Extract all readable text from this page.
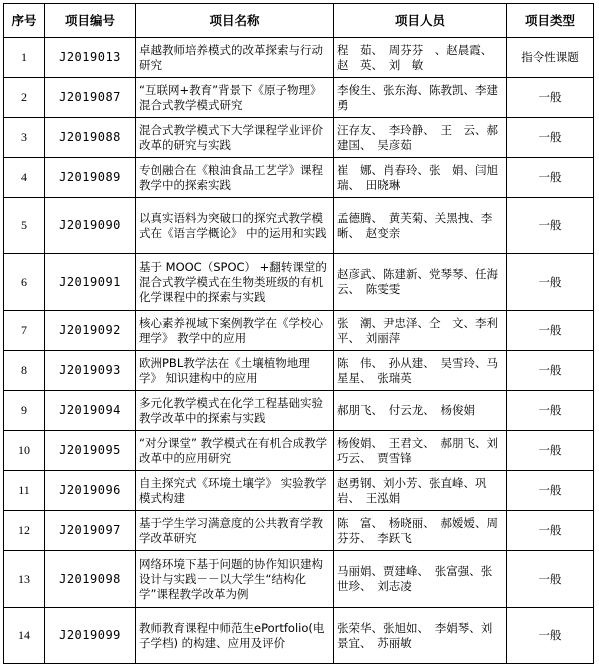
序号	项目编号	项目名称	项目人员	项目类型
1	J2019013	卓越教师培养模式的改革探索与行动研究	程　茹、　周芬芬　、赵晨霞、赵　英、　刘　敏	指令性课题
2	J2019087	“互联网+教育”背景下《原子物理》 混合式教学模式研究	李俊生、张东海、陈教凯、李建勇	一般
3	J2019088	混合式教学模式下大学课程学业评价改革的研究与实践	汪存友、　李玲静、　王　云、郝建国、　吴彦茹	一般
4	J2019089	专创融合在《粮油食品工艺学》课程教学中的探索实践	崔　娜、肖春玲、张　娟、闫旭瑞、　田晓琳	一般
5	J2019090	以真实语料为突破口的探究式教学模式在《语言学概论》 中的运用和实践	孟德腾、　黄芙菊、关黑拽、李　晰、　赵变亲	一般
6	J2019091	基于 MOOC（SPOC） +翻转课堂的混合式教学模式在生物类班级的有机化学课程中的探索与实践	赵彦武、陈建新、党琴琴、任海云、　陈雯雯	一般
7	J2019092	核心素养视域下案例教学在《学校心理学》 教学中的应用	张　潮、尹忠泽、仝　文、李利平、　刘丽萍	一般
8	J2019093	欧洲PBL教学法在《土壤植物地理学》 知识建构中的应用	陈　伟、　孙从建、　吴雪玲、马星星、　张瑞英	一般
9	J2019094	多元化教学模式在化学工程基础实验教学改革中的探索与实践	郝朋飞、　付云龙、　杨俊娟	一般
10	J2019095	“对分课堂” 教学模式在有机合成教学改革中的应用研究	杨俊娟、　王君文、　郝朋飞、刘巧云、　贾雪锋	一般
11	J2019096	自主探究式《环境土壤学》 实验教学模式构建	赵勇钢、刘小芳、张直峰、巩　岩、　王泓娟	一般
12	J2019097	基于学生学习满意度的公共教育学教学改革研究	陈　富、　杨晓丽、　郝嫒嫒、周芬芬、　李跃飞	一般
13	J2019098	网络环境下基于问题的协作知识建构设计与实践－－以大学生“结构化学”课程教学改革为例	马丽娟、贾建峰、　张富强、张世珍、　刘志凌	一般
14	J2019099	教师教育课程中师范生ePortfolio(电子学档) 的构建、应用及评价	张荣华、张旭如、　李娟琴、刘景宜、　苏丽敏	一般
